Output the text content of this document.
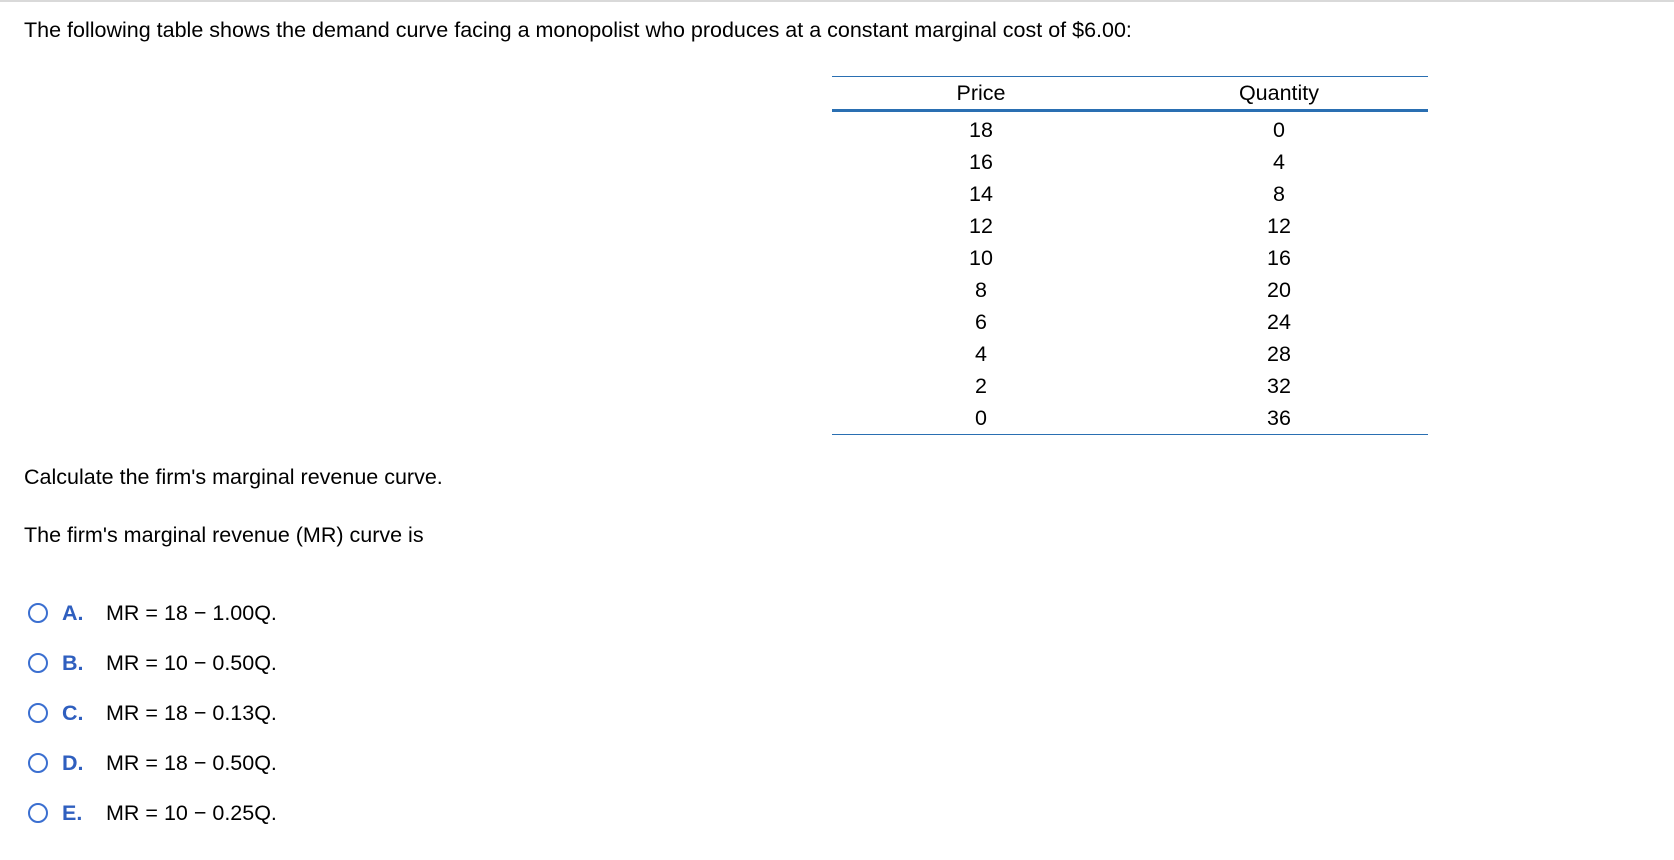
The following table shows the demand curve facing a monopolist who produces at a constant marginal cost of $6.00:
Price	Quantity
18	0
16	4
14	8
12	12
10	16
8	20
6	24
4	28
2	32
0	36
Calculate the firm's marginal revenue curve.
The firm's marginal revenue (MR) curve is
A.	MR = 18 − 1.00Q.
B.	MR = 10 − 0.50Q.
C.	MR = 18 − 0.13Q.
D.	MR = 18 − 0.50Q.
E.	MR = 10 − 0.25Q.
